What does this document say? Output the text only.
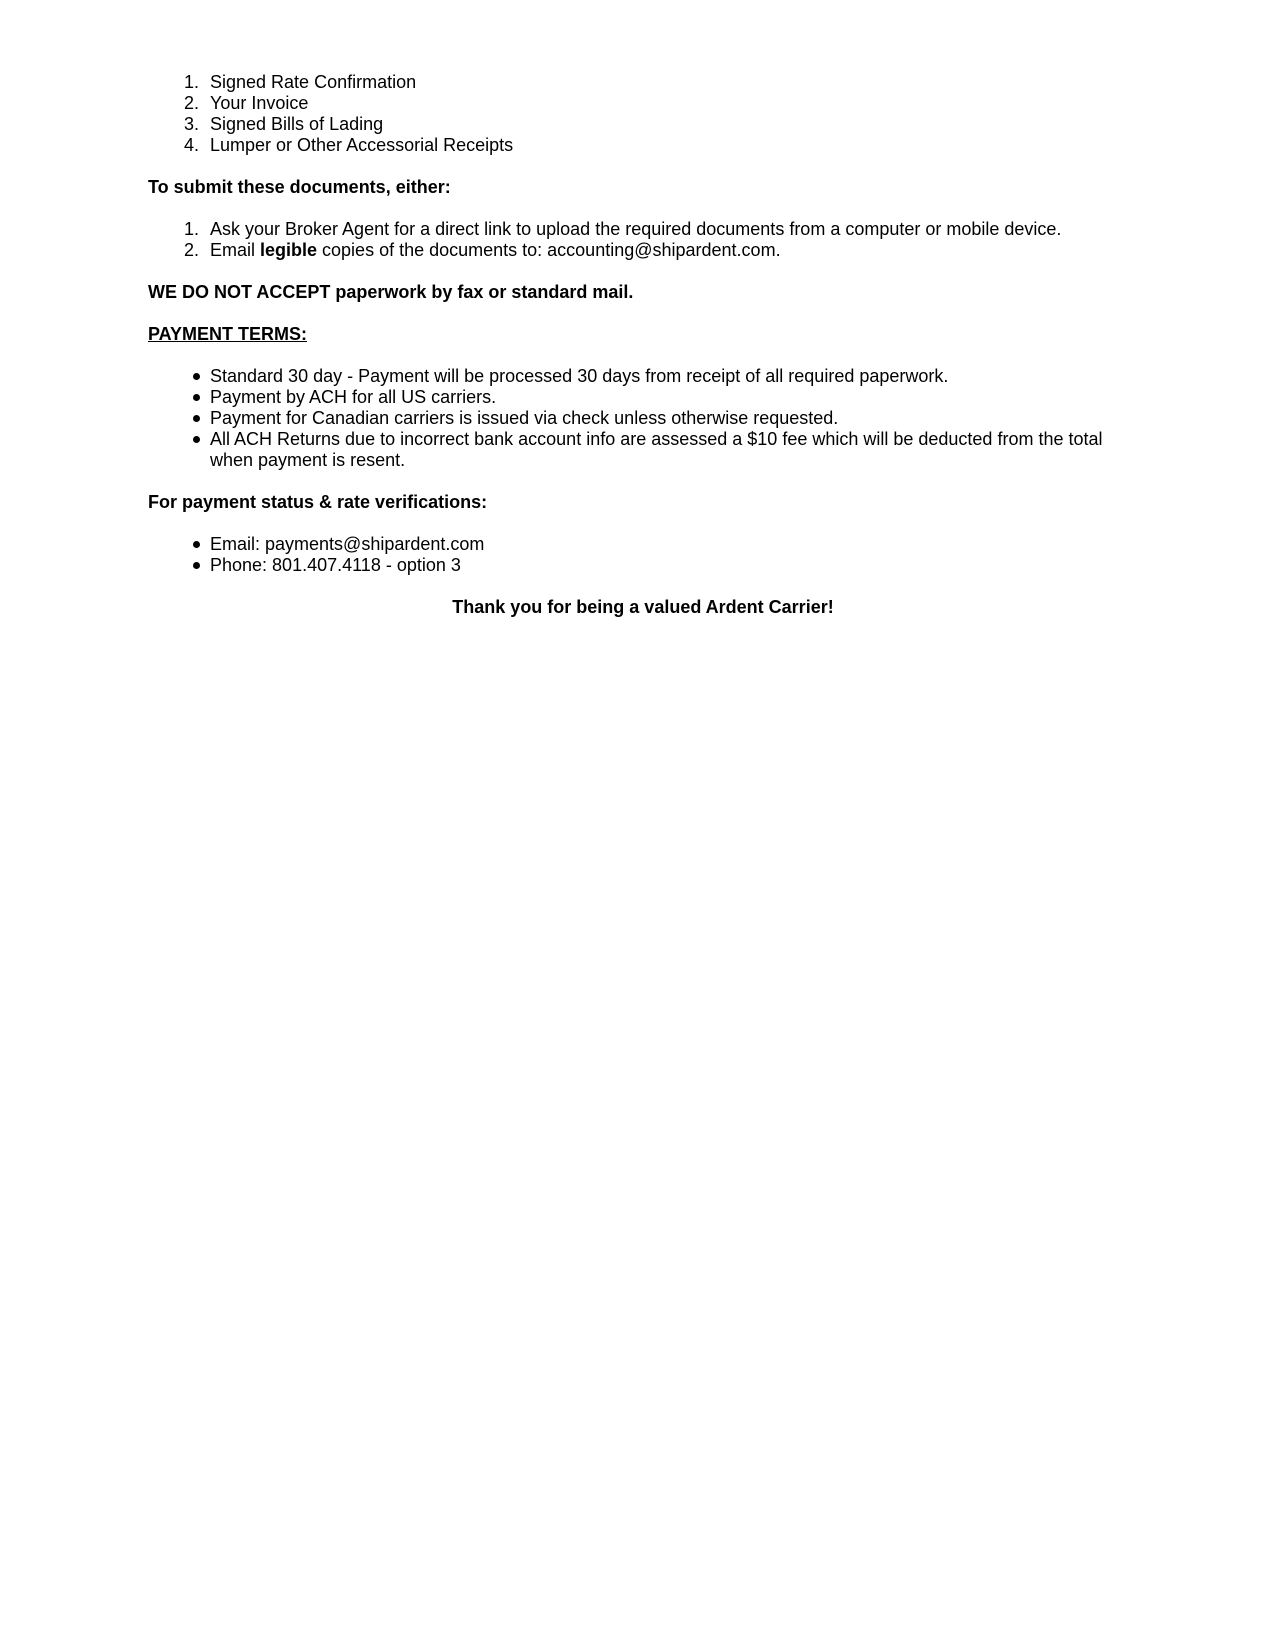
1. Signed Rate Confirmation
2. Your Invoice
3. Signed Bills of Lading
4. Lumper or Other Accessorial Receipts

To submit these documents, either:

1. Ask your Broker Agent for a direct link to upload the required documents from a computer or mobile device.
2. Email legible copies of the documents to: accounting@shipardent.com.

WE DO NOT ACCEPT paperwork by fax or standard mail.

PAYMENT TERMS:

Standard 30 day - Payment will be processed 30 days from receipt of all required paperwork.
Payment by ACH for all US carriers.
Payment for Canadian carriers is issued via check unless otherwise requested.
All ACH Returns due to incorrect bank account info are assessed a $10 fee which will be deducted from the total when payment is resent.

For payment status & rate verifications:

Email: payments@shipardent.com
Phone: 801.407.4118 - option 3

Thank you for being a valued Ardent Carrier!
